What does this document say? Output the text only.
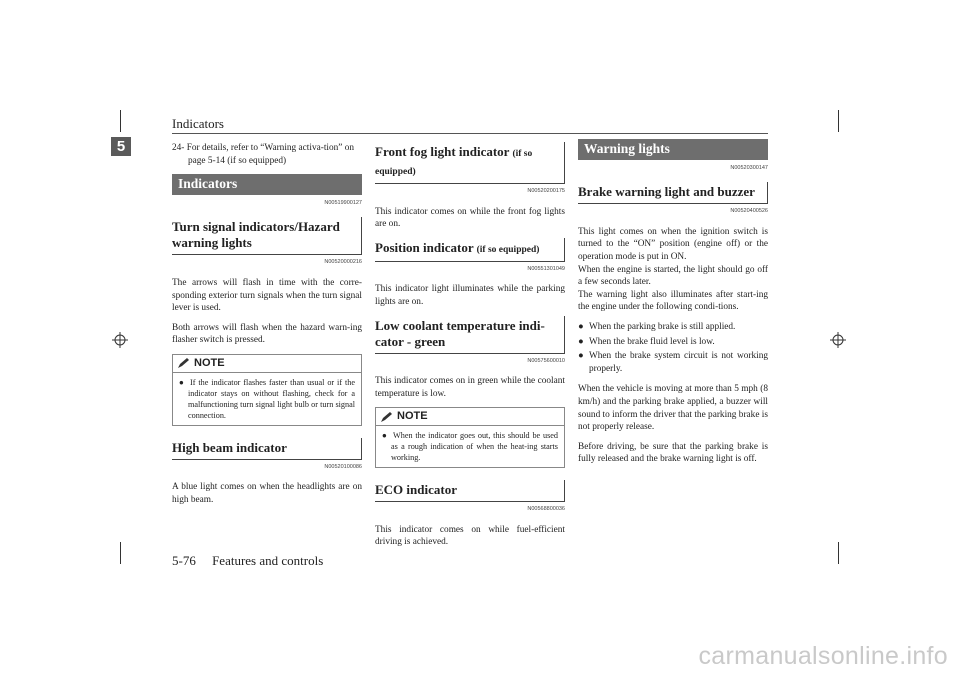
Indicators
5
5-76     Features and controls

24- For details, refer to “Warning activa-tion” on page 5-14 (if so equipped)

Indicators
N00519900127
Turn signal indicators/Hazard warning lights
N00520000216

The arrows will flash in time with the corre-sponding exterior turn signals when the turn signal lever is used.

Both arrows will flash when the hazard warn-ing flasher switch is pressed.

NOTE
● If the indicator flashes faster than usual or if the indicator stays on without flashing, check for a malfunctioning turn signal light bulb or turn signal connection.
High beam indicator
N00520100086

A blue light comes on when the headlights are on high beam.

Front fog light indicator (if so equipped)
N00520200175

This indicator comes on while the front fog lights are on.

Position indicator (if so equipped)
N00551301049

This indicator light illuminates while the parking lights are on.

Low coolant temperature indi-cator - green
N00575600010

This indicator comes on in green while the coolant temperature is low.

NOTE
● When the indicator goes out, this should be used as a rough indication of when the heat-ing starts working.
ECO indicator
N00568800036

This indicator comes on while fuel-efficient driving is achieved.

Warning lights
N00520300147
Brake warning light and buzzer
N00520400526

This light comes on when the ignition switch is turned to the “ON” position (engine off) or the operation mode is put in ON.

When the engine is started, the light should go off a few seconds later.

The warning light also illuminates after start-ing the engine under the following condi-tions.

● When the parking brake is still applied.
● When the brake fluid level is low.
● When the brake system circuit is not working properly.

When the vehicle is moving at more than 5 mph (8 km/h) and the parking brake applied, a buzzer will sound to inform the driver that the parking brake is not properly release.

Before driving, be sure that the parking brake is fully released and the brake warning light is off.

carmanualsonline.info
